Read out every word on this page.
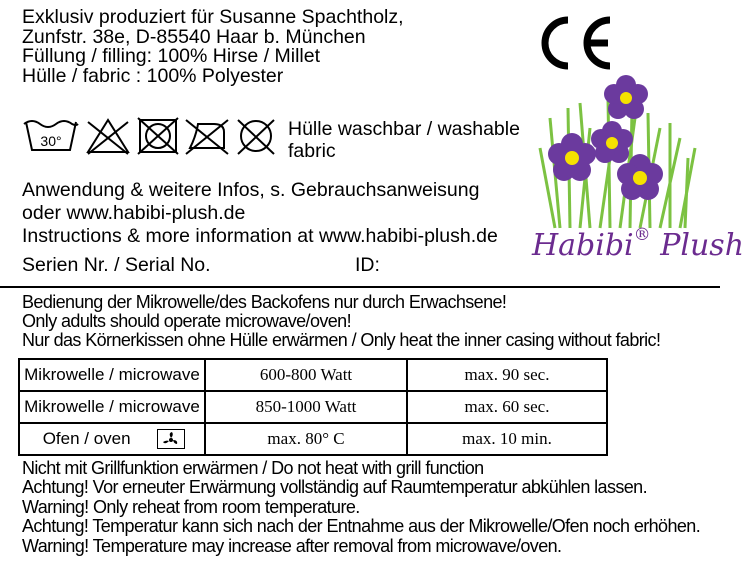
Exklusiv produziert für Susanne Spachtholz,
Zunfstr. 38e, D-85540 Haar b. München
Füllung / filling: 100% Hirse / Millet
Hülle / fabric : 100% Polyester
30°
Hülle waschbar / washable fabric
Anwendung & weitere Infos, s. Gebrauchsanweisung
oder www.habibi-plush.de
Instructions & more information at www.habibi-plush.de
Serien Nr. / Serial No.	ID:
Habibi® Plush
Bedienung der Mikrowelle/des Backofens nur durch Erwachsene!
Only adults should operate microwave/oven!
Nur das Körnerkissen ohne Hülle erwärmen / Only heat the inner casing without fabric!
Mikrowelle / microwave	600-800 Watt	max. 90 sec.
Mikrowelle / microwave	850-1000 Watt	max. 60 sec.
Ofen / oven	max. 80° C	max. 10 min.
Nicht mit Grillfunktion erwärmen / Do not heat with grill function
Achtung! Vor erneuter Erwärmung vollständig auf Raumtemperatur abkühlen lassen.
Warning! Only reheat from room temperature.
Achtung! Temperatur kann sich nach der Entnahme aus der Mikrowelle/Ofen noch erhöhen.
Warning! Temperature may increase after removal from microwave/oven.
